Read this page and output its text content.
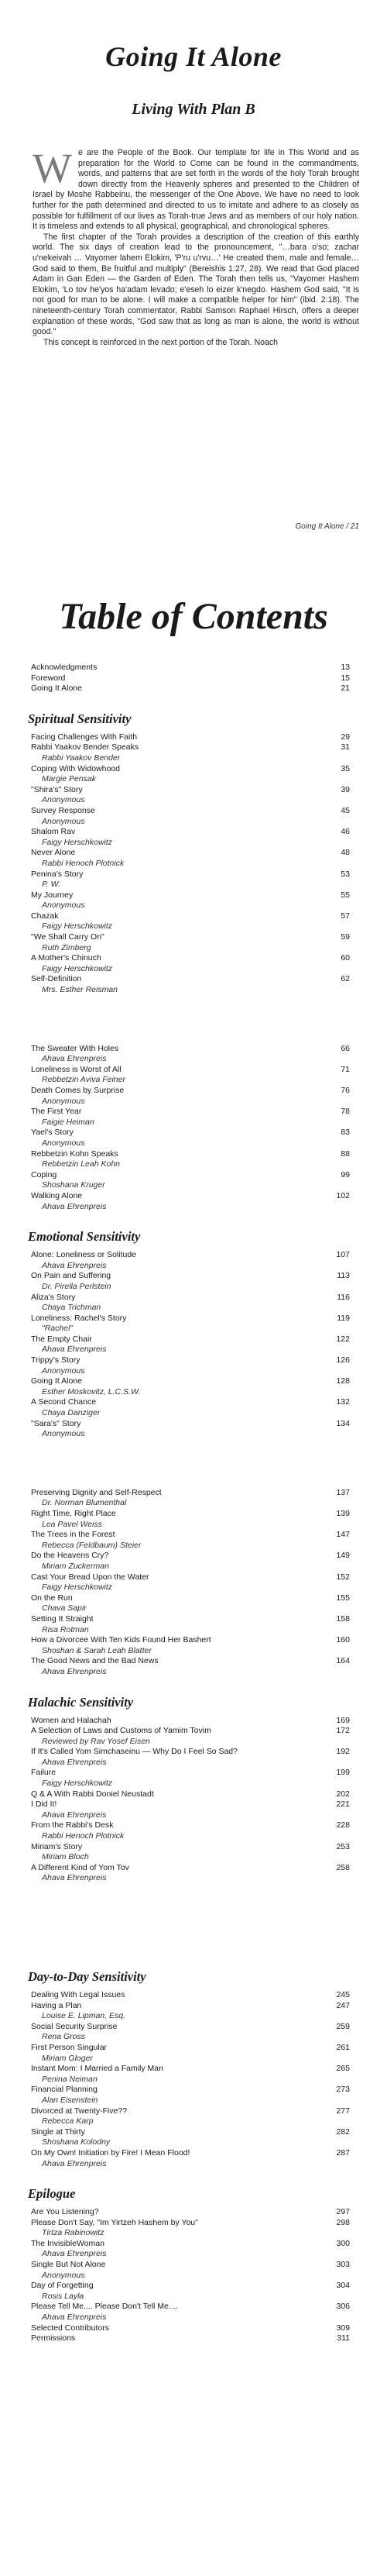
Going It Alone
Living With Plan B

We are the People of the Book. Our template for life in This World and as preparation for the World to Come can be found in the commandments, words, and patterns that are set forth in the words of the holy Torah brought down directly from the Heavenly spheres and presented to the Children of Israel by Moshe Rabbeinu, the messenger of the One Above. We have no need to look further for the path determined and directed to us to imitate and adhere to as closely as possible for fulfillment of our lives as Torah-true Jews and as members of our holy nation. It is timeless and extends to all physical, geographical, and chronological spheres.

The first chapter of the Torah provides a description of the creation of this earthly world. The six days of creation lead to the pronouncement, "…bara o'so; zachar u'nekeivah … Vayomer lahem Elokim, 'P'ru u'rvu…' He created them, male and female… God said to them, Be fruitful and multiply" (Bereishis 1:27, 28). We read that God placed Adam in Gan Eden — the Garden of Eden. The Torah then tells us, "Vayomer Hashem Elokim, 'Lo tov he'yos ha'adam levado; e'eseh lo eizer k'negdo. Hashem God said, "It is not good for man to be alone. I will make a compatible helper for him" (ibid. 2:18). The nineteenth-century Torah commentator, Rabbi Samson Raphael Hirsch, offers a deeper explanation of these words, "God saw that as long as man is alone, the world is without good."

This concept is reinforced in the next portion of the Torah. Noach

Going It Alone / 21
Table of Contents
Acknowledgments	13
Foreword	15
Going It Alone	21
Spiritual Sensitivity
Facing Challenges With Faith	29
Rabbi Yaakov Bender Speaks	31
Rabbi Yaakov Bender
Coping With Widowhood	35
Margie Pensak
"Shira's" Story	39
Anonymous
Survey Response	45
Anonymous
Shalom Rav	46
Faigy Herschkowitz
Never Alone	48
Rabbi Henoch Plotnick
Penina's Story	53
P. W.
My Journey	55
Anonymous
Chazak	57
Faigy Herschkowitz
"We Shall Carry On"	59
Ruth Zimberg
A Mother's Chinuch	60
Faigy Herschkowitz
Self-Definition	62
Mrs. Esther Reisman
The Sweater With Holes	66
Ahava Ehrenpreis
Loneliness is Worst of All	71
Rebbetzin Aviva Feiner
Death Comes by Surprise	76
Anonymous
The First Year	78
Faigie Heiman
Yael's Story	83
Anonymous
Rebbetzin Kohn Speaks	88
Rebbetzin Leah Kohn
Coping	99
Shoshana Kruger
Walking Alone	102
Ahava Ehrenpreis
Emotional Sensitivity
Alone: Loneliness or Solitude	107
Ahava Ehrenpreis
On Pain and Suffering	113
Dr. Pirella Perlstein
Aliza's Story	116
Chaya Trichman
Loneliness: Rachel's Story	119
"Rachel"
The Empty Chair	122
Ahava Ehrenpreis
Trippy's Story	126
Anonymous
Going It Alone	128
Esther Moskovitz, L.C.S.W.
A Second Chance	132
Chaya Danziger
"Sara's" Story	134
Anonymous
Preserving Dignity and Self-Respect	137
Dr. Norman Blumenthal
Right Time, Right Place	139
Lea Pavel Weiss
The Trees in the Forest	147
Rebecca (Feldbaum) Steier
Do the Heavens Cry?	149
Miriam Zuckerman
Cast Your Bread Upon the Water	152
Faigy Herschkowitz
On the Run	155
Chava Sapir
Setting It Straight	158
Risa Rotman
How a Divorcee With Ten Kids Found Her Bashert	160
Shoshan & Sarah Leah Blatter
The Good News and the Bad News	164
Ahava Ehrenpreis
Halachic Sensitivity
Women and Halachah	169
A Selection of Laws and Customs of Yamim Tovim	172
Reviewed by Rav Yosef Eisen
If It's Called Yom Simchaseinu — Why Do I Feel So Sad?	192
Ahava Ehrenpreis
Failure	199
Faigy Herschkowitz
Q & A With Rabbi Doniel Neustadt	202
I Did It!	221
Ahava Ehrenpreis
From the Rabbi's Desk	228
Rabbi Henoch Plotnick
Miriam's Story	253
Miriam Bloch
A Different Kind of Yom Tov	258
Ahava Ehrenpreis
Day-to-Day Sensitivity
Dealing With Legal Issues	245
Having a Plan	247
Louise E. Lipman, Esq.
Social Security Surprise	259
Rena Gross
First Person Singular	261
Miriam Gloger
Instant Mom: I Married a Family Man	265
Penina Neiman
Financial Planning	273
Alan Eisenstein
Divorced at Twenty-Five??	277
Rebecca Karp
Single at Thirty	282
Shoshana Kolodny
On My Own! Initiation by Fire! I Mean Flood!	287
Ahava Ehrenpreis
Epilogue
Are You Listening?	297
Please Don't Say, "Im Yirtzeh Hashem by You"	298
Tirtza Rabinowitz
The InvisibleWoman	300
Ahava Ehrenpreis
Single But Not Alone	303
Anonymous
Day of Forgetting	304
Rosis Layla
Please Tell Me.... Please Don't Tell Me....	306
Ahava Ehrenpreis
Selected Contributors	309
Permissions	311
